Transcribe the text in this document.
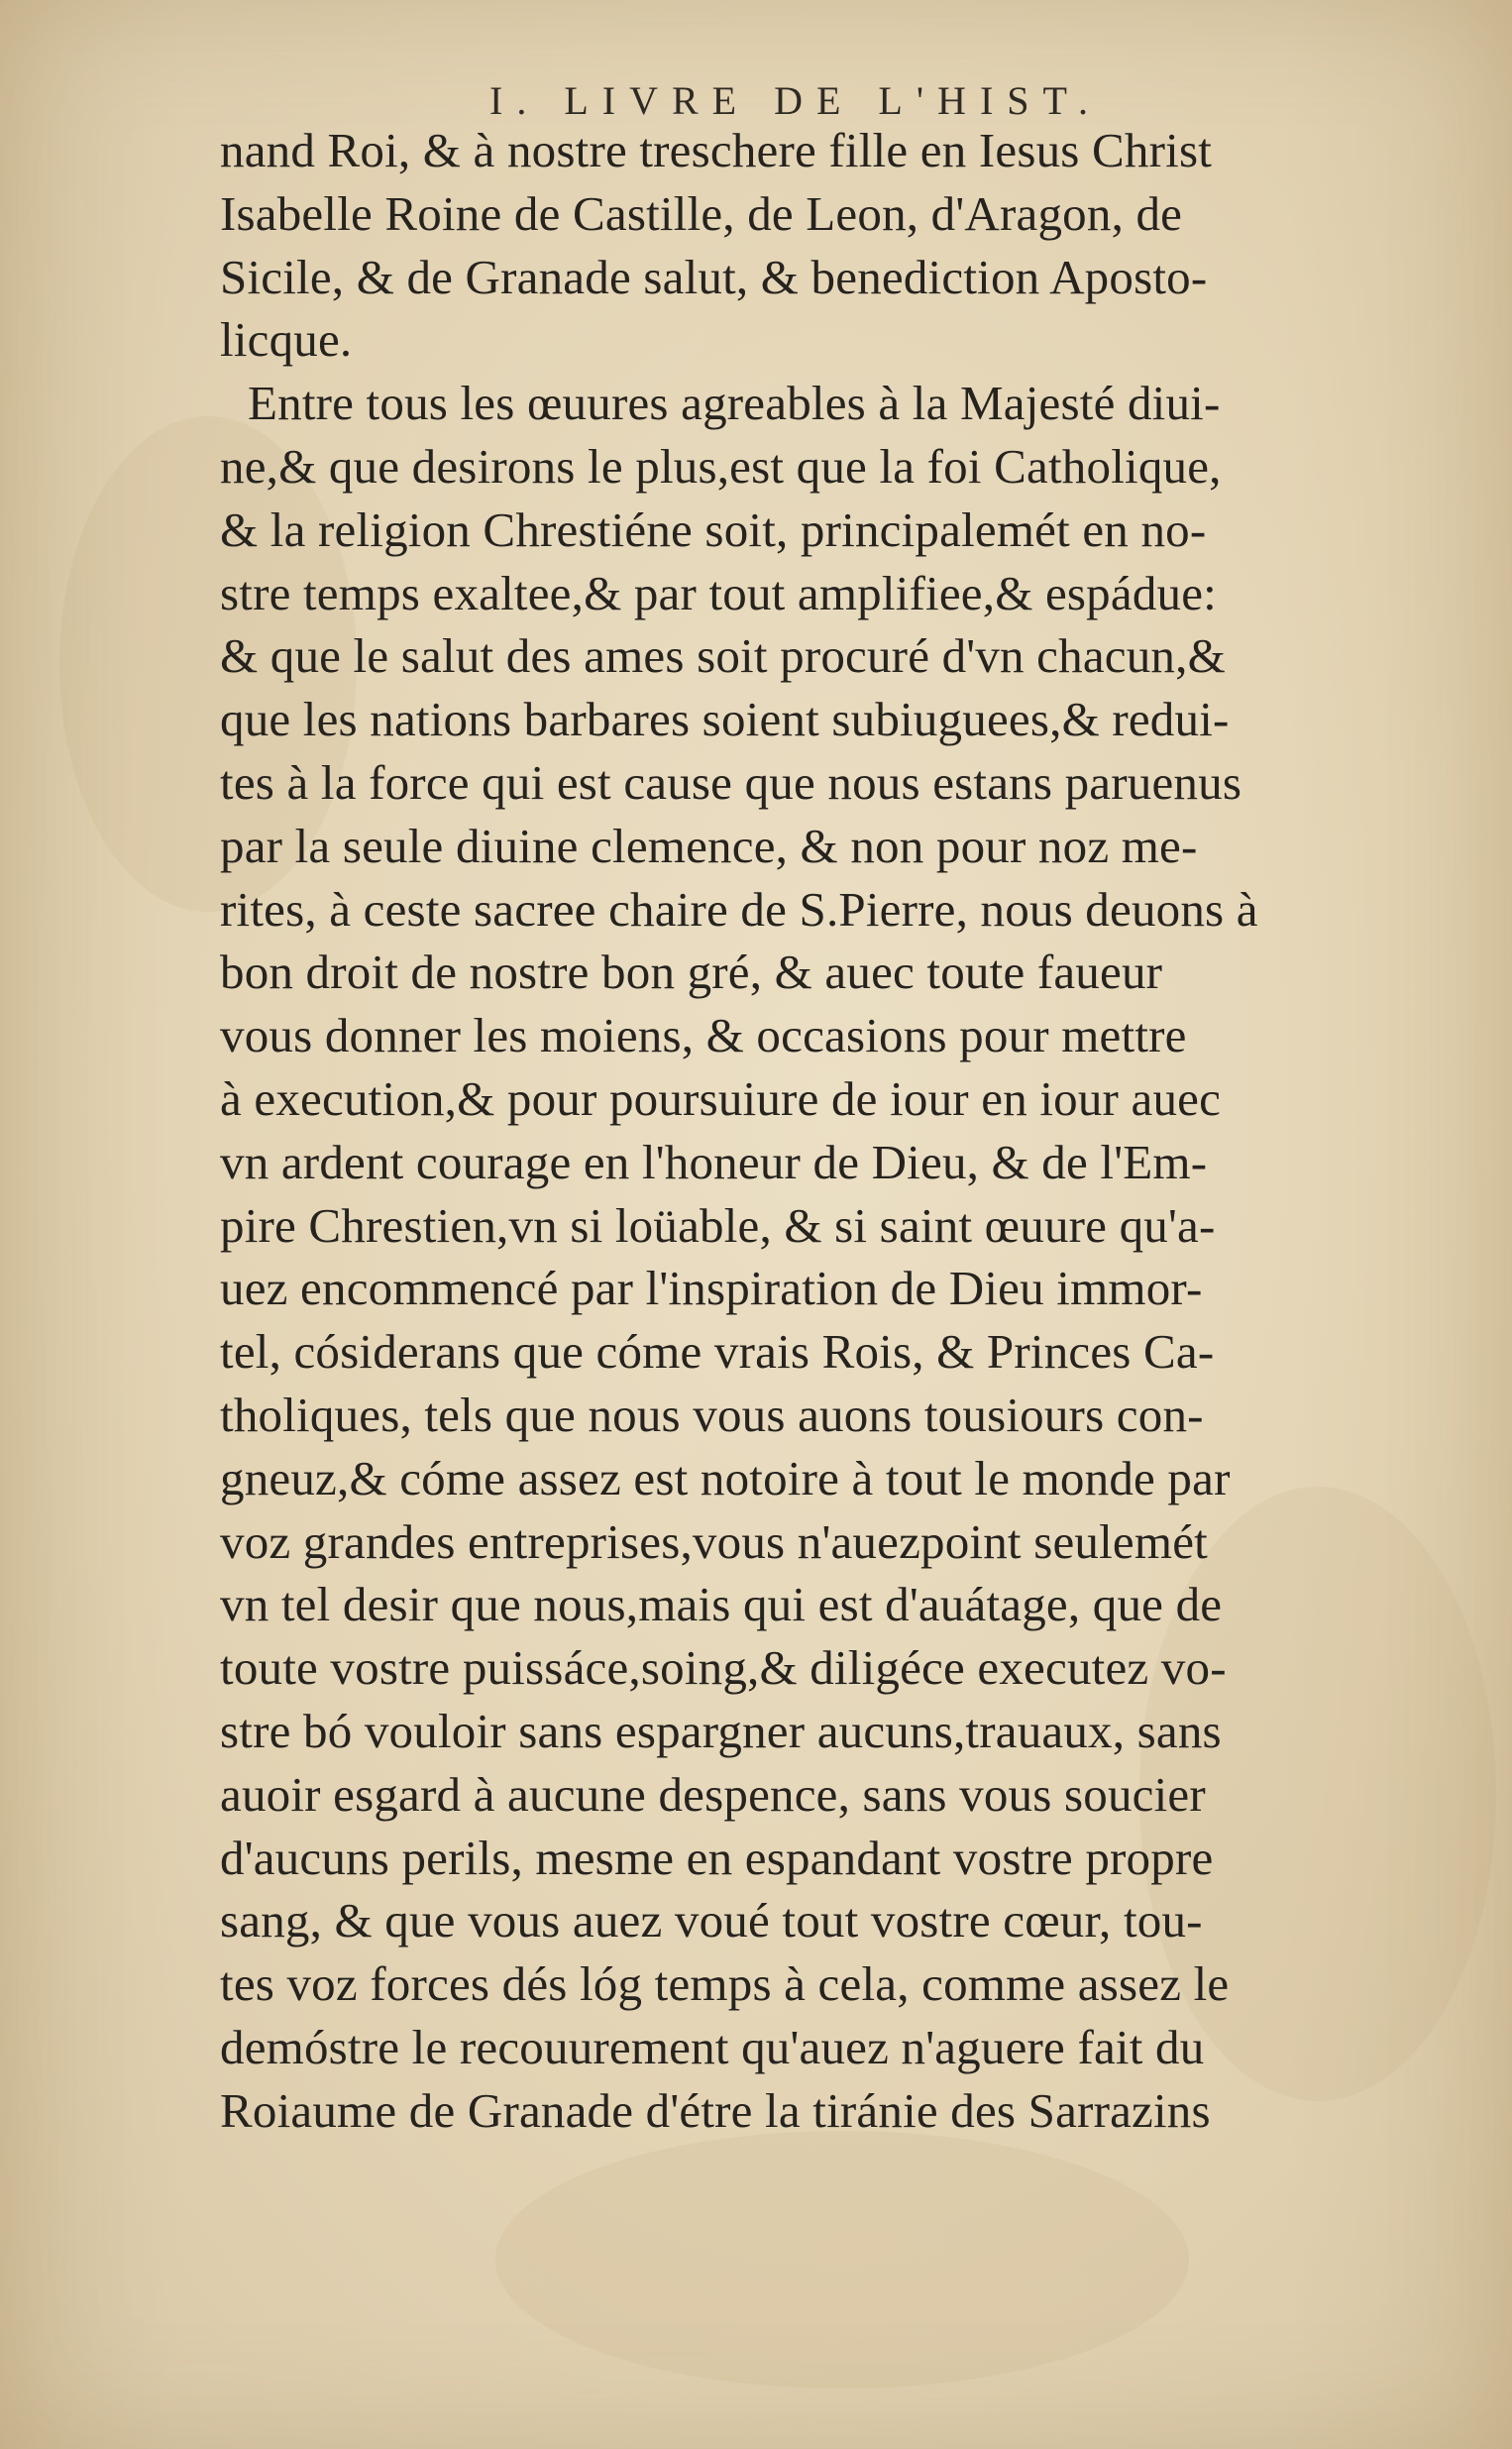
I. LIVRE DE L'HIST.
nand Roi, & à nostre treschere fille en Iesus Christ
Isabelle Roine de Castille, de Leon, d'Aragon, de
Sicile, & de Granade salut, & benediction Aposto-
licque.
Entre tous les œuures agreables à la Majesté diui-
ne,& que desirons le plus,est que la foi Catholique,
& la religion Chrestiéne soit, principalemét en no-
stre temps exaltee,& par tout amplifiee,& espádue:
& que le salut des ames soit procuré d'vn chacun,&
que les nations barbares soient subiuguees,& redui-
tes à la force qui est cause que nous estans paruenus
par la seule diuine clemence, & non pour noz me-
rites, à ceste sacree chaire de S.Pierre, nous deuons à
bon droit de nostre bon gré, & auec toute faueur
vous donner les moiens, & occasions pour mettre
à execution,& pour poursuiure de iour en iour auec
vn ardent courage en l'honeur de Dieu, & de l'Em-
pire Chrestien,vn si loüable, & si saint œuure qu'a-
uez encommencé par l'inspiration de Dieu immor-
tel, cósiderans que cóme vrais Rois, & Princes Ca-
tholiques, tels que nous vous auons tousiours con-
gneuz,& cóme assez est notoire à tout le monde par
voz grandes entreprises,vous n'auezpoint seulemét
vn tel desir que nous,mais qui est d'auátage, que de
toute vostre puissáce,soing,& diligéce executez vo-
stre bó vouloir sans espargner aucuns,trauaux, sans
auoir esgard à aucune despence, sans vous soucier
d'aucuns perils, mesme en espandant vostre propre
sang, & que vous auez voué tout vostre cœur, tou-
tes voz forces dés lóg temps à cela, comme assez le
demóstre le recouurement qu'auez n'aguere fait du
Roiaume de Granade d'étre la tiránie des Sarrazins
